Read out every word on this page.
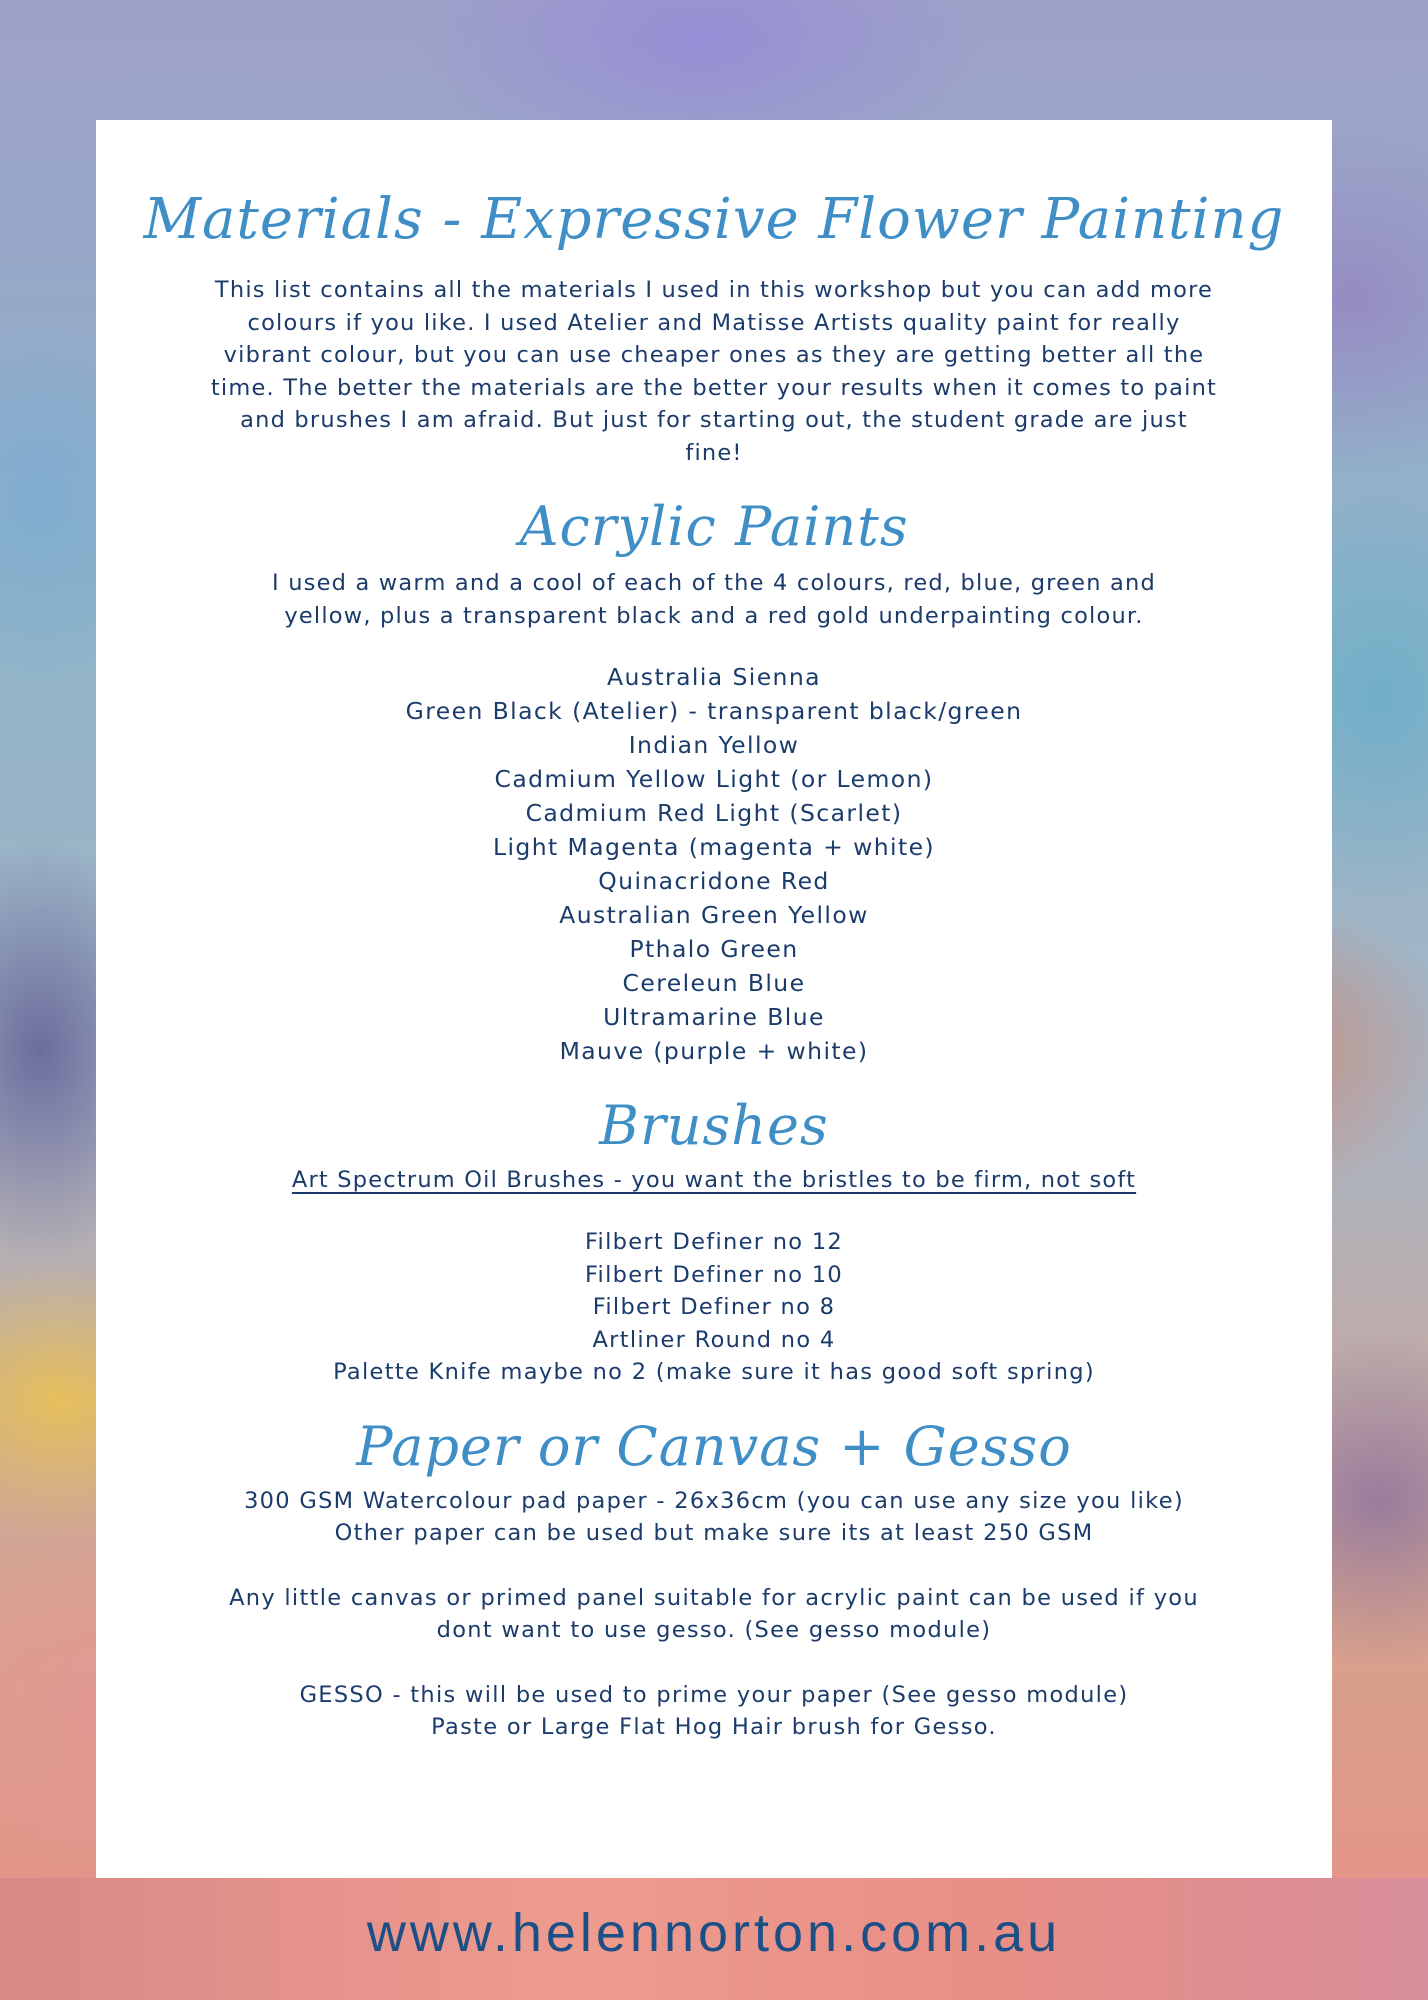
Materials - Expressive Flower Painting

This list contains all the materials I used in this workshop but you can add more colours if you like. I used Atelier and Matisse Artists quality paint for really vibrant colour, but you can use cheaper ones as they are getting better all the time. The better the materials are the better your results when it comes to paint and brushes I am afraid. But just for starting out, the student grade are just fine!

Acrylic Paints

I used a warm and a cool of each of the 4 colours, red, blue, green and yellow, plus a transparent black and a red gold underpainting colour.

Australia Sienna
Green Black (Atelier) - transparent black/green
Indian Yellow
Cadmium Yellow Light (or Lemon)
Cadmium Red Light (Scarlet)
Light Magenta (magenta + white)
Quinacridone Red
Australian Green Yellow
Pthalo Green
Cereleun Blue
Ultramarine Blue
Mauve (purple + white)
Brushes

Art Spectrum Oil Brushes - you want the bristles to be firm, not soft

Filbert Definer no 12
Filbert Definer no 10
Filbert Definer no 8
Artliner Round no 4
Palette Knife maybe no 2 (make sure it has good soft spring)
Paper or Canvas + Gesso
300 GSM Watercolour pad paper - 26x36cm (you can use any size you like)
Other paper can be used but make sure its at least 250 GSM
Any little canvas or primed panel suitable for acrylic paint can be used if you dont want to use gesso. (See gesso module)
GESSO - this will be used to prime your paper (See gesso module)
Paste or Large Flat Hog Hair brush for Gesso.
www.helennorton.com.au
